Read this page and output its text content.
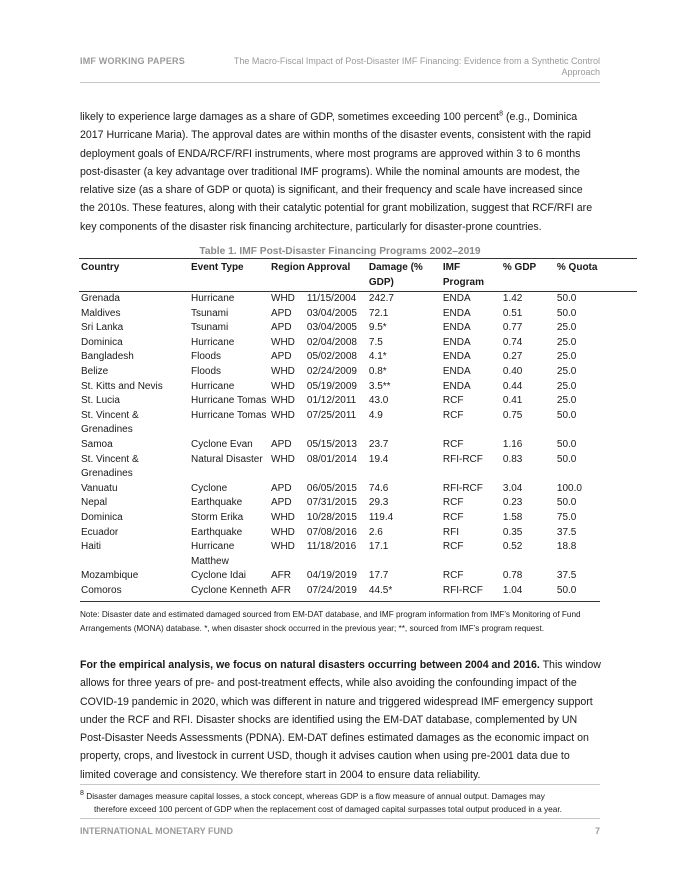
IMF WORKING PAPERS	The Macro-Fiscal Impact of Post-Disaster IMF Financing: Evidence from a Synthetic Control Approach

likely to experience large damages as a share of GDP, sometimes exceeding 100 percent$^8$ (e.g., Dominica 2017 Hurricane Maria). The approval dates are within months of the disaster events, consistent with the rapid deployment goals of ENDA/RCF/RFI instruments, where most programs are approved within 3 to 6 months post-disaster (a key advantage over traditional IMF programs). While the nominal amounts are modest, the relative size (as a share of GDP or quota) is significant, and their frequency and scale have increased since the 2010s. These features, along with their catalytic potential for grant mobilization, suggest that RCF/RFI are key components of the disaster risk financing architecture, particularly for disaster-prone countries.

Table 1. IMF Post-Disaster Financing Programs 2002–2019

Country	Event Type	Region	Approval	Damage (% GDP)	IMF Program	% GDP	% Quota
Grenada	Hurricane	WHD	11/15/2004	242.7	ENDA	1.42	50.0
Maldives	Tsunami	APD	03/04/2005	72.1	ENDA	0.51	50.0
Sri Lanka	Tsunami	APD	03/04/2005	9.5*	ENDA	0.77	25.0
Dominica	Hurricane	WHD	02/04/2008	7.5	ENDA	0.74	25.0
Bangladesh	Floods	APD	05/02/2008	4.1*	ENDA	0.27	25.0
Belize	Floods	WHD	02/24/2009	0.8*	ENDA	0.40	25.0
St. Kitts and Nevis	Hurricane	WHD	05/19/2009	3.5**	ENDA	0.44	25.0
St. Lucia	Hurricane Tomas	WHD	01/12/2011	43.0	RCF	0.41	25.0
St. Vincent & Grenadines	Hurricane Tomas	WHD	07/25/2011	4.9	RCF	0.75	50.0
Samoa	Cyclone Evan	APD	05/15/2013	23.7	RCF	1.16	50.0
St. Vincent & Grenadines	Natural Disaster	WHD	08/01/2014	19.4	RFI-RCF	0.83	50.0
Vanuatu	Cyclone	APD	06/05/2015	74.6	RFI-RCF	3.04	100.0
Nepal	Earthquake	APD	07/31/2015	29.3	RCF	0.23	50.0
Dominica	Storm Erika	WHD	10/28/2015	119.4	RCF	1.58	75.0
Ecuador	Earthquake	WHD	07/08/2016	2.6	RFI	0.35	37.5
Haiti	Hurricane Matthew	WHD	11/18/2016	17.1	RCF	0.52	18.8
Mozambique	Cyclone Idai	AFR	04/19/2019	17.7	RCF	0.78	37.5
Comoros	Cyclone Kenneth	AFR	07/24/2019	44.5*	RFI-RCF	1.04	50.0

Note: Disaster date and estimated damaged sourced from EM-DAT database, and IMF program information from IMF’s Monitoring of Fund Arrangements (MONA) database. *, when disaster shock occurred in the previous year; **, sourced from IMF’s program request.

For the empirical analysis, we focus on natural disasters occurring between 2004 and 2016. This window allows for three years of pre- and post-treatment effects, while also avoiding the confounding impact of the COVID-19 pandemic in 2020, which was different in nature and triggered widespread IMF emergency support under the RCF and RFI. Disaster shocks are identified using the EM-DAT database, complemented by UN Post-Disaster Needs Assessments (PDNA). EM-DAT defines estimated damages as the economic impact on property, crops, and livestock in current USD, though it advises caution when using pre-2001 data due to limited coverage and consistency. We therefore start in 2004 to ensure data reliability.

$^8$ Disaster damages measure capital losses, a stock concept, whereas GDP is a flow measure of annual output. Damages may
therefore exceed 100 percent of GDP when the replacement cost of damaged capital surpasses total output produced in a year.

INTERNATIONAL MONETARY FUND	7
